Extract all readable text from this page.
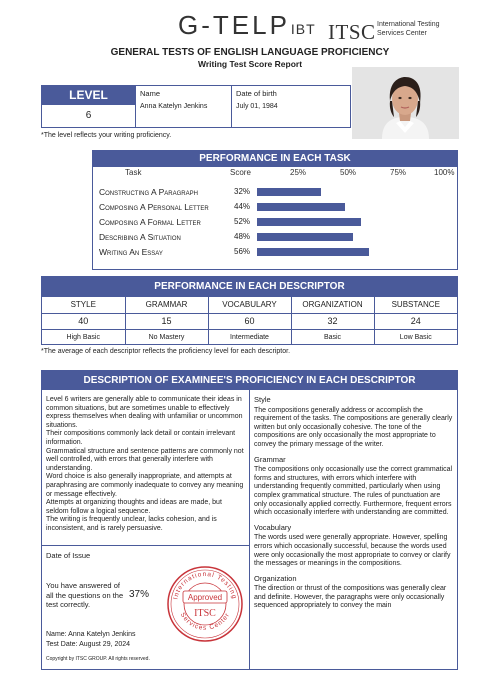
G-TELPIBT ITSC International Testing
Services Center
GENERAL TESTS OF ENGLISH LANGUAGE PROFICIENCY
Writing Test Score Report
LEVEL
6
Name
Anna Katelyn Jenkins
Date of birth
July 01, 1984
*The level reflects your writing proficiency.
PERFORMANCE IN EACH TASK
Task	Score	25%	50%	75%	100%
Constructing A Paragraph	32%
Composing A Personal Letter	44%
Composing A Formal Letter	52%
Describing A Situation	48%
Writing An Essay	56%
PERFORMANCE IN EACH DESCRIPTOR
STYLE	GRAMMAR	VOCABULARY	ORGANIZATION	SUBSTANCE
40	15	60	32	24
High Basic	No Mastery	Intermediate	Basic	Low Basic
*The average of each descriptor reflects the proficiency level for each descriptor.
DESCRIPTION OF EXAMINEE'S PROFICIENCY IN EACH DESCRIPTOR
Level 6 writers are generally able to communicate their ideas in common situations, but are sometimes unable to effectively express themselves when dealing with unfamiliar or uncommon situations.
Their compositions commonly lack detail or contain irrelevant information.
Grammatical structure and sentence patterns are commonly not well controlled, with errors that generally interfere with understanding.
Word choice is also generally inappropriate, and attempts at paraphrasing are commonly inadequate to convey any meaning or message effectively.
Attempts at organizing thoughts and ideas are made, but seldom follow a logical sequence.
The writing is frequently unclear, lacks cohesion, and is inconsistent, and is rarely persuasive.
Date of Issue
You have answered of all the questions on the test correctly.
37%	International Testing
Services Center
Approved
ITSC
Name: Anna Katelyn Jenkins
Test Date: August 29, 2024
Copyright by ITSC GROUP. All rights reserved.
Style
The compositions generally address or accomplish the requirement of the tasks. The compositions are generally clearly written but only occasionally cohesive. The tone of the compositions are only occasionally the most appropriate to convey the primary message of the writer.
Grammar
The compositions only occasionally use the correct grammatical forms and structures, with errors which interfere with understanding frequently committed, particularly when using complex grammatical structure. The rules of punctuation are only occasionally applied correctly. Furthermore, frequent errors which occasionally interfere with understanding are committed.
Vocabulary
The words used were generally appropriate. However, spelling errors which occasionally successful, because the words used were only occasionally the most appropriate to convey or clarify the messages or meanings in the compositions.
Organization
The direction or thrust of the compositions was generally clear and definite. However, the paragraphs were only occasionally sequenced appropriately to convey the main
